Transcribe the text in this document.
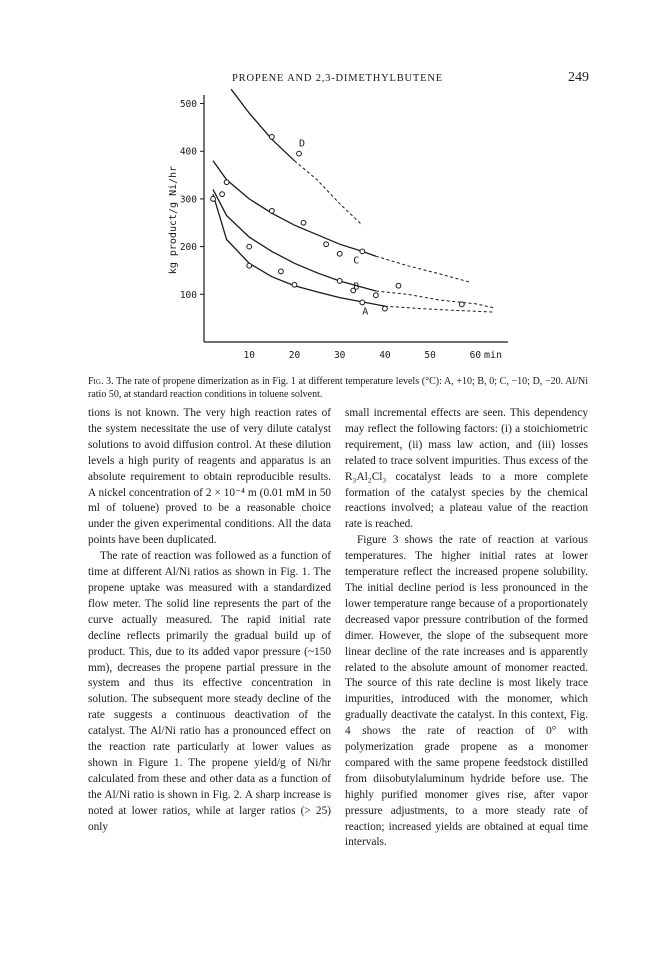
PROPENE AND 2,3-DIMETHYLBUTENE	249
100
200
300
400
500
10	20	30	40	50	60
A
B
C
D
kg product/g Ni/hr
min
Fig. 3. The rate of propene dimerization as in Fig. 1 at different temperature levels (°C): A, +10; B, 0; C, −10; D, −20. Al/Ni ratio 50, at standard reaction conditions in toluene solvent.

tions is not known. The very high reaction rates of the system necessitate the use of very dilute catalyst solutions to avoid diffusion control. At these dilution levels a high purity of reagents and apparatus is an absolute requirement to obtain reproducible results. A nickel concentration of 2 × 10⁻⁴ m (0.01 mM in 50 ml of toluene) proved to be a reasonable choice under the given experimental conditions. All the data points have been duplicated.

The rate of reaction was followed as a function of time at different Al/Ni ratios as shown in Fig. 1. The propene uptake was measured with a standardized flow meter. The solid line represents the part of the curve actually measured. The rapid initial rate decline reflects primarily the gradual build up of product. This, due to its added vapor pressure (~150 mm), decreases the propene partial pressure in the system and thus its effective concentration in solution. The subsequent more steady decline of the rate suggests a continuous deactivation of the catalyst. The Al/Ni ratio has a pronounced effect on the reaction rate particularly at lower values as shown in Figure 1. The propene yield/g of Ni/hr calculated from these and other data as a function of the Al/Ni ratio is shown in Fig. 2. A sharp increase is noted at lower ratios, while at larger ratios (> 25) only

small incremental effects are seen. This dependency may reflect the following factors: (i) a stoichiometric requirement, (ii) mass law action, and (iii) losses related to trace solvent impurities. Thus excess of the R₃Al₂Cl₃ cocatalyst leads to a more complete formation of the catalyst species by the chemical reactions involved; a plateau value of the reaction rate is reached.

Figure 3 shows the rate of reaction at various temperatures. The higher initial rates at lower temperature reflect the increased propene solubility. The initial decline period is less pronounced in the lower temperature range because of a proportionately decreased vapor pressure contribution of the formed dimer. However, the slope of the subsequent more linear decline of the rate increases and is apparently related to the absolute amount of monomer reacted. The source of this rate decline is most likely trace impurities, introduced with the monomer, which gradually deactivate the catalyst. In this context, Fig. 4 shows the rate of reaction of 0° with polymerization grade propene as a monomer compared with the same propene feedstock distilled from diisobutylaluminum hydride before use. The highly purified monomer gives rise, after vapor pressure adjustments, to a more steady rate of reaction; increased yields are obtained at equal time intervals.
